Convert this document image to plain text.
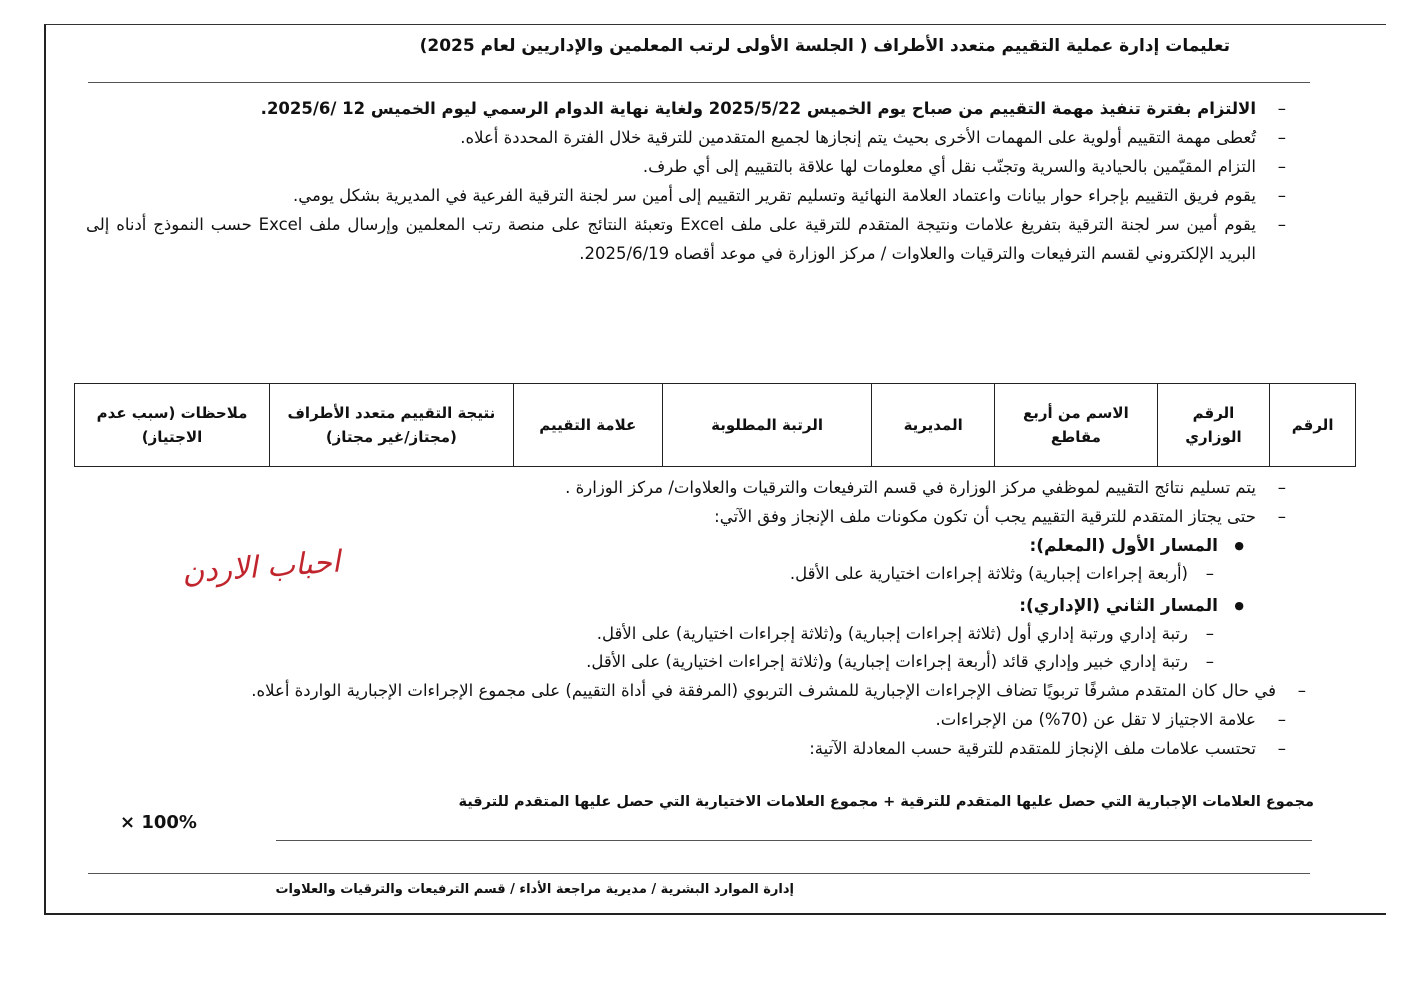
تعليمات إدارة عملية التقييم متعدد الأطراف ( الجلسة الأولى لرتب المعلمين والإداريين لعام 2025)
– الالتزام بفترة تنفيذ مهمة التقييم من صباح يوم الخميس 2025/5/22 ولغاية نهاية الدوام الرسمي ليوم الخميس 12 /2025/6.
– تُعطى مهمة التقييم أولوية على المهمات الأخرى بحيث يتم إنجازها لجميع المتقدمين للترقية خلال الفترة المحددة أعلاه.
– التزام المقيّمين بالحيادية والسرية وتجنّب نقل أي معلومات لها علاقة بالتقييم إلى أي طرف.
– يقوم فريق التقييم بإجراء حوار بيانات واعتماد العلامة النهائية وتسليم تقرير التقييم إلى أمين سر لجنة الترقية الفرعية في المديرية بشكل يومي.
– يقوم أمين سر لجنة الترقية بتفريغ علامات ونتيجة المتقدم للترقية على ملف Excel وتعبئة النتائج على منصة رتب المعلمين وإرسال ملف Excel حسب النموذج أدناه إلى البريد الإلكتروني لقسم الترفيعات والترقيات والعلاوات / مركز الوزارة في موعد أقصاه 2025/6/19.
الرقم	الرقم الوزاري	الاسم من أربع مقاطع	المديرية	الرتبة المطلوبة	علامة التقييم	نتيجة التقييم متعدد الأطراف (مجتاز/غير مجتاز)	ملاحظات (سبب عدم الاجتياز)
– يتم تسليم نتائج التقييم لموظفي مركز الوزارة في قسم الترفيعات والترقيات والعلاوات/ مركز الوزارة .
– حتى يجتاز المتقدم للترقية التقييم يجب أن تكون مكونات ملف الإنجاز وفق الآتي:
● المسار الأول (المعلم):
– (أربعة إجراءات إجبارية) وثلاثة إجراءات اختيارية على الأقل.
احباب الاردن
● المسار الثاني (الإداري):
– رتبة إداري ورتبة إداري أول (ثلاثة إجراءات إجبارية) و(ثلاثة إجراءات اختيارية) على الأقل.
– رتبة إداري خبير وإداري قائد (أربعة إجراءات إجبارية) و(ثلاثة إجراءات اختيارية) على الأقل.
– في حال كان المتقدم مشرفًا تربويًا تضاف الإجراءات الإجبارية للمشرف التربوي (المرفقة في أداة التقييم) على مجموع الإجراءات الإجبارية الواردة أعلاه.
– علامة الاجتياز لا تقل عن (70%) من الإجراءات.
– تحتسب علامات ملف الإنجاز للمتقدم للترقية حسب المعادلة الآتية:
مجموع العلامات الإجبارية التي حصل عليها المتقدم للترقية + مجموع العلامات الاختيارية التي حصل عليها المتقدم للترقية
× 100%
إدارة الموارد البشرية / مديرية مراجعة الأداء / قسم الترفيعات والترقيات والعلاوات
